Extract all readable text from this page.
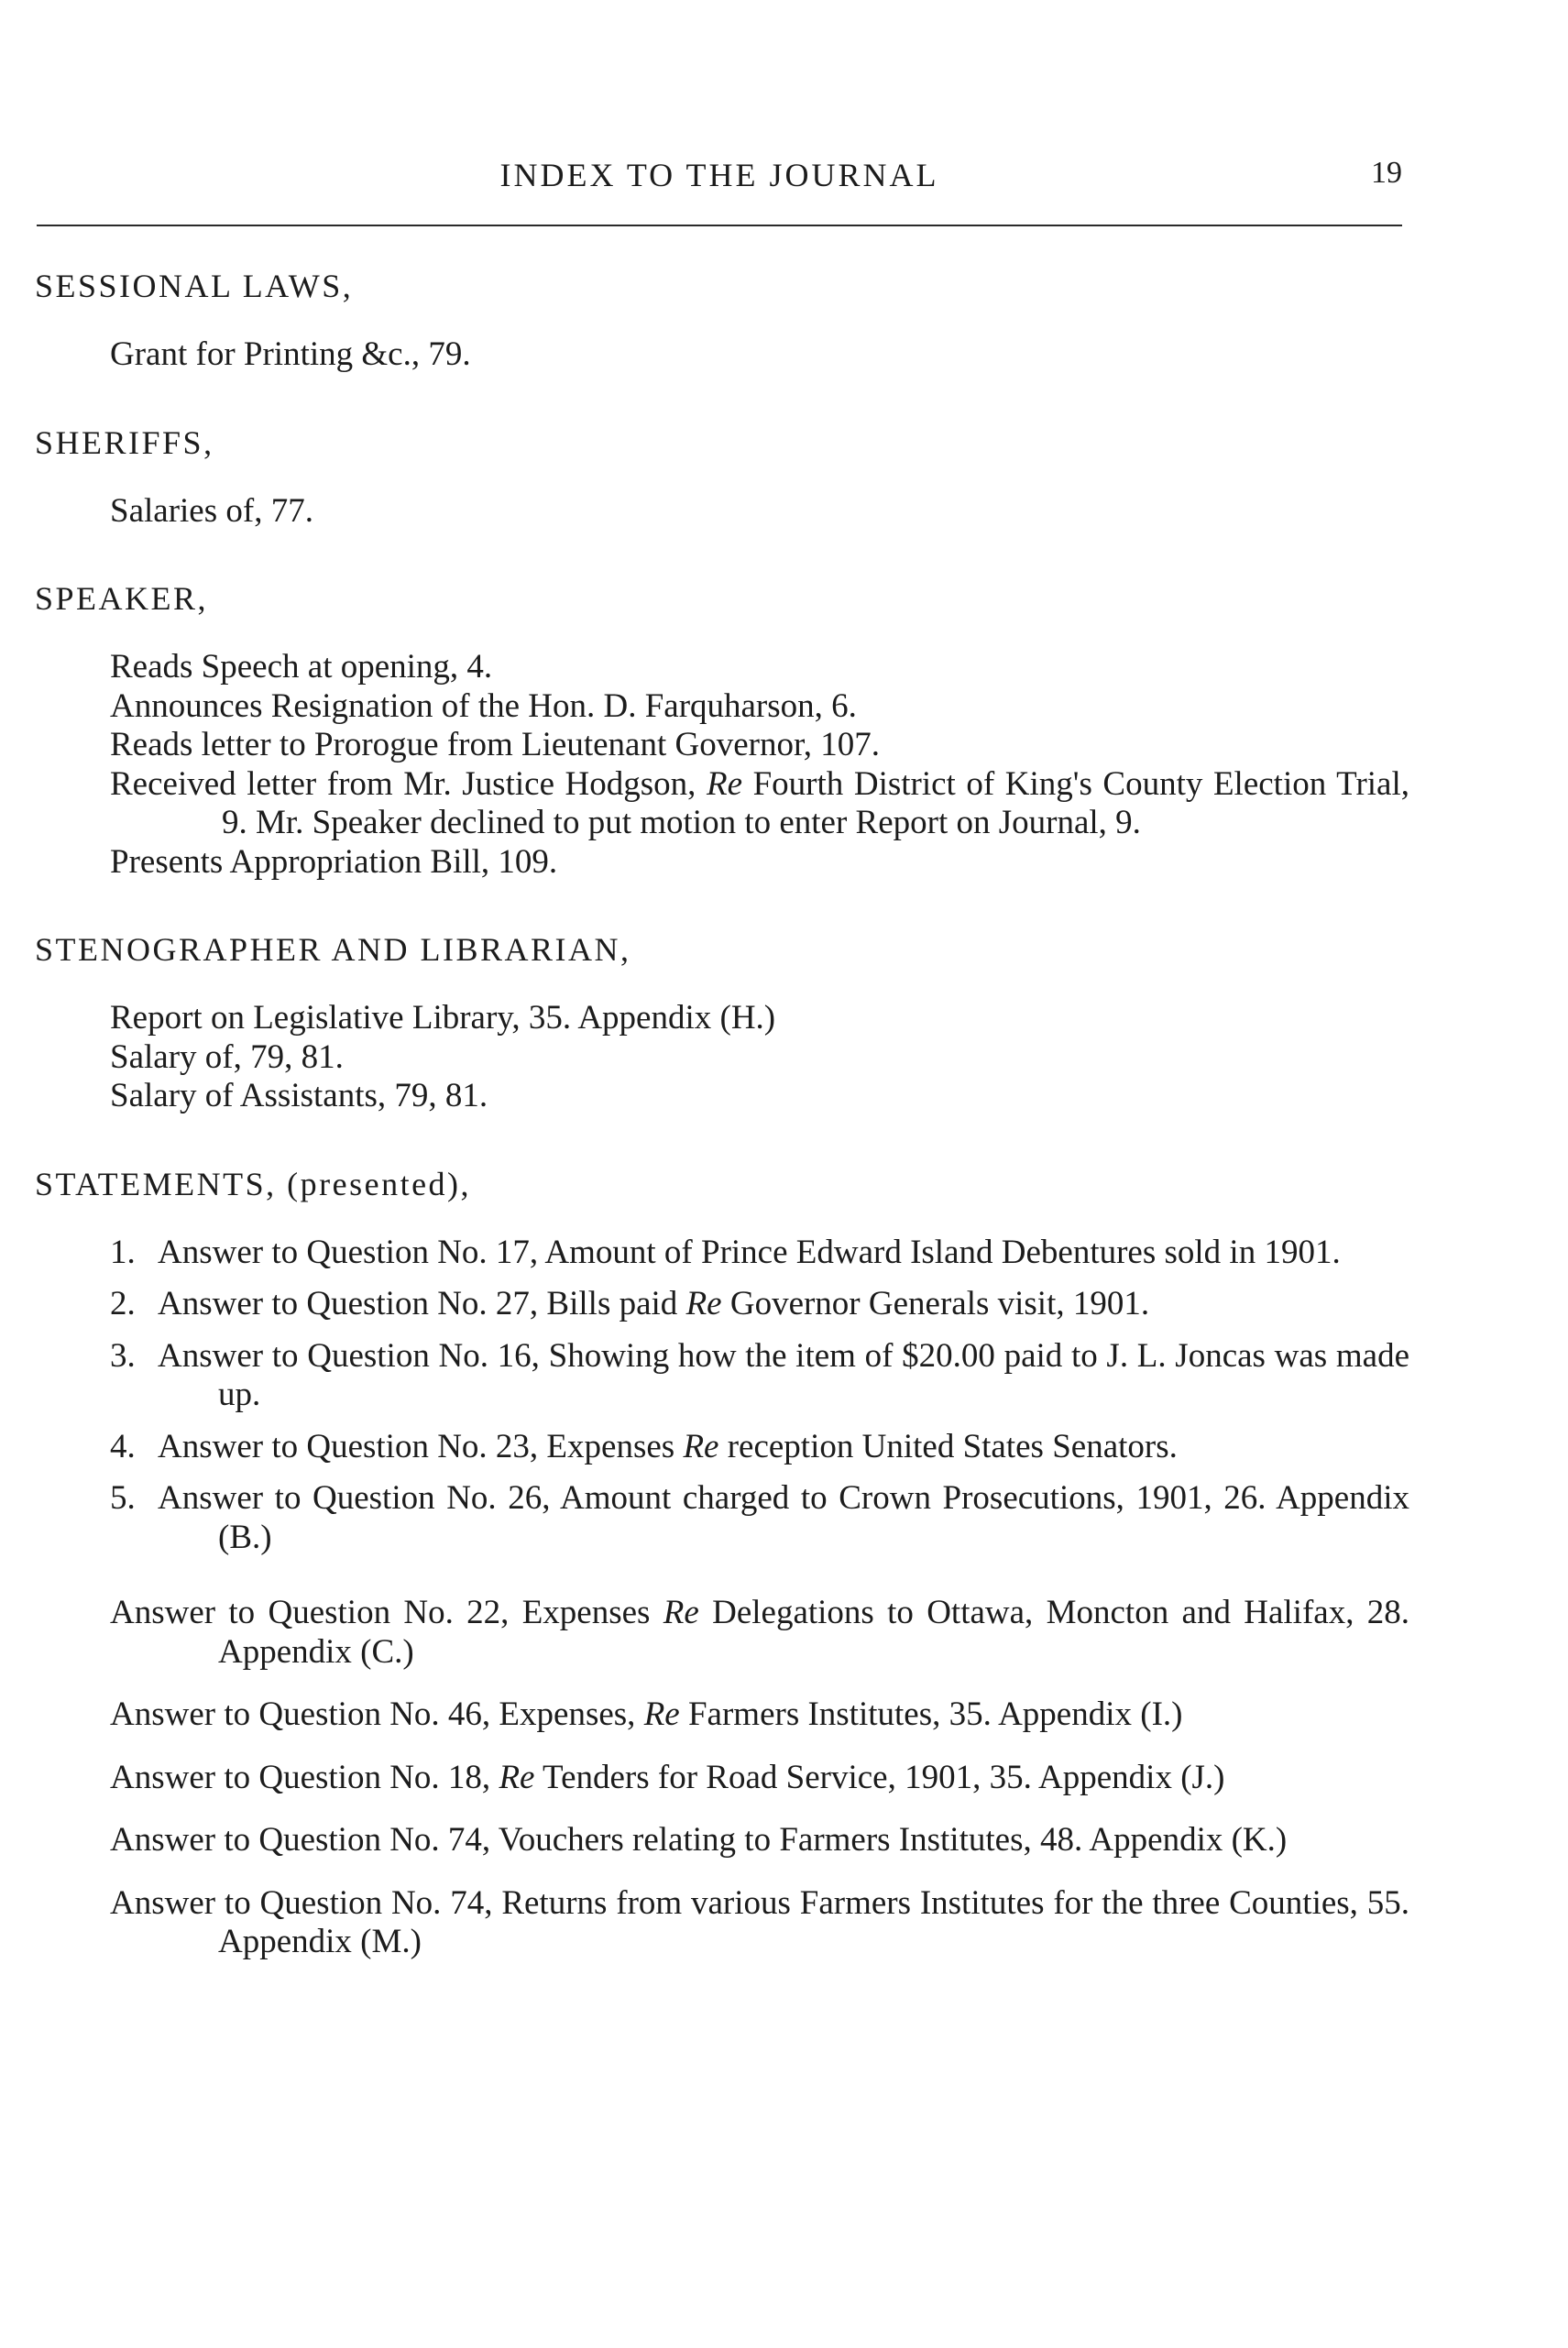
INDEX TO THE JOURNAL	19
SESSIONAL LAWS,
Grant for Printing &c., 79.
SHERIFFS,
Salaries of, 77.
SPEAKER,
Reads Speech at opening, 4.
Announces Resignation of the Hon. D. Farquharson, 6.
Reads letter to Prorogue from Lieutenant Governor, 107.
Received letter from Mr. Justice Hodgson, Re Fourth District of King's County Election Trial, 9. Mr. Speaker declined to put motion to enter Report on Journal, 9.
Presents Appropriation Bill, 109.
STENOGRAPHER AND LIBRARIAN,
Report on Legislative Library, 35. Appendix (H.)
Salary of, 79, 81.
Salary of Assistants, 79, 81.
STATEMENTS, (presented),
1. Answer to Question No. 17, Amount of Prince Edward Island Debentures sold in 1901.
2. Answer to Question No. 27, Bills paid Re Governor Generals visit, 1901.
3. Answer to Question No. 16, Showing how the item of $20.00 paid to J. L. Joncas was made up.
4. Answer to Question No. 23, Expenses Re reception United States Senators.
5. Answer to Question No. 26, Amount charged to Crown Prosecutions, 1901, 26. Appendix (B.)
Answer to Question No. 22, Expenses Re Delegations to Ottawa, Moncton and Halifax, 28. Appendix (C.)
Answer to Question No. 46, Expenses, Re Farmers Institutes, 35. Appendix (I.)
Answer to Question No. 18, Re Tenders for Road Service, 1901, 35. Appendix (J.)
Answer to Question No. 74, Vouchers relating to Farmers Institutes, 48. Appendix (K.)
Answer to Question No. 74, Returns from various Farmers Institutes for the three Counties, 55. Appendix (M.)
